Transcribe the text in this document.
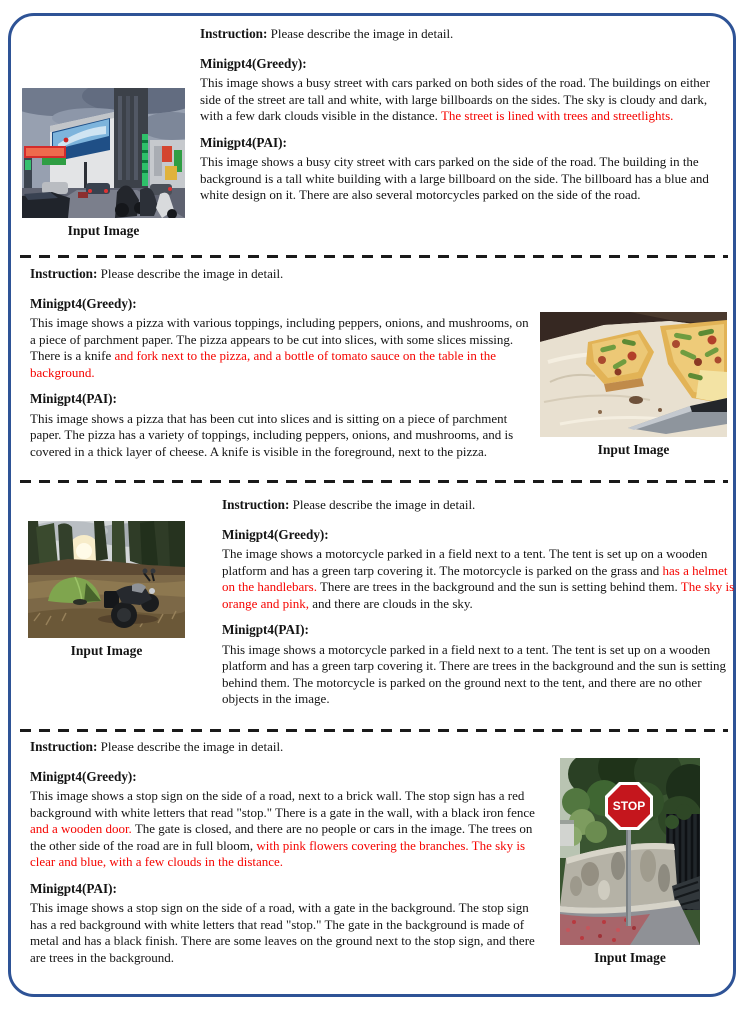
Input Image

Instruction: Please describe the image in detail.

Minigpt4(Greedy):

This image shows a busy street with cars parked on both sides of the road. The buildings on either side of the street are tall and white, with large billboards on the sides. The sky is cloudy and dark, with a few dark clouds visible in the distance. The street is lined with trees and streetlights.

Minigpt4(PAI):

This image shows a busy city street with cars parked on the side of the road. The building in the background is a tall white building with a large billboard on the side. The billboard has a blue and white design on it. There are also several motorcycles parked on the side of the road.

Instruction: Please describe the image in detail.

Minigpt4(Greedy):

This image shows a pizza with various toppings, including peppers, onions, and mushrooms, on a piece of parchment paper. The pizza appears to be cut into slices, with some slices missing. There is a knife and fork next to the pizza, and a bottle of tomato sauce on the table in the background.

Minigpt4(PAI):

This image shows a pizza that has been cut into slices and is sitting on a piece of parchment paper. The pizza has a variety of toppings, including peppers, onions, and mushrooms, and is covered in a thick layer of cheese. A knife is visible in the foreground, next to the pizza.	Input Image
Input Image

Instruction: Please describe the image in detail.

Minigpt4(Greedy):

The image shows a motorcycle parked in a field next to a tent. The tent is set up on a wooden platform and has a green tarp covering it. The motorcycle is parked on the grass and has a helmet on the handlebars. There are trees in the background and the sun is setting behind them. The sky is orange and pink, and there are clouds in the sky.

Minigpt4(PAI):

This image shows a motorcycle parked in a field next to a tent. The tent is set up on a wooden platform and has a green tarp covering it. There are trees in the background and the sun is setting behind them. The motorcycle is parked on the ground next to the tent, and there are no other objects in the image.

Instruction: Please describe the image in detail.

Minigpt4(Greedy):

This image shows a stop sign on the side of a road, next to a brick wall. The stop sign has a red background with white letters that read "stop." There is a gate in the wall, with a black iron fence and a wooden door. The gate is closed, and there are no people or cars in the image. The trees on the other side of the road are in full bloom, with pink flowers covering the branches. The sky is clear and blue, with a few clouds in the distance.

Minigpt4(PAI):

This image shows a stop sign on the side of a road, with a gate in the background. The stop sign has a red background with white letters that read "stop." The gate in the background is made of metal and has a black finish. There are some leaves on the ground next to the stop sign, and there are trees in the background.

STOP
Input Image
